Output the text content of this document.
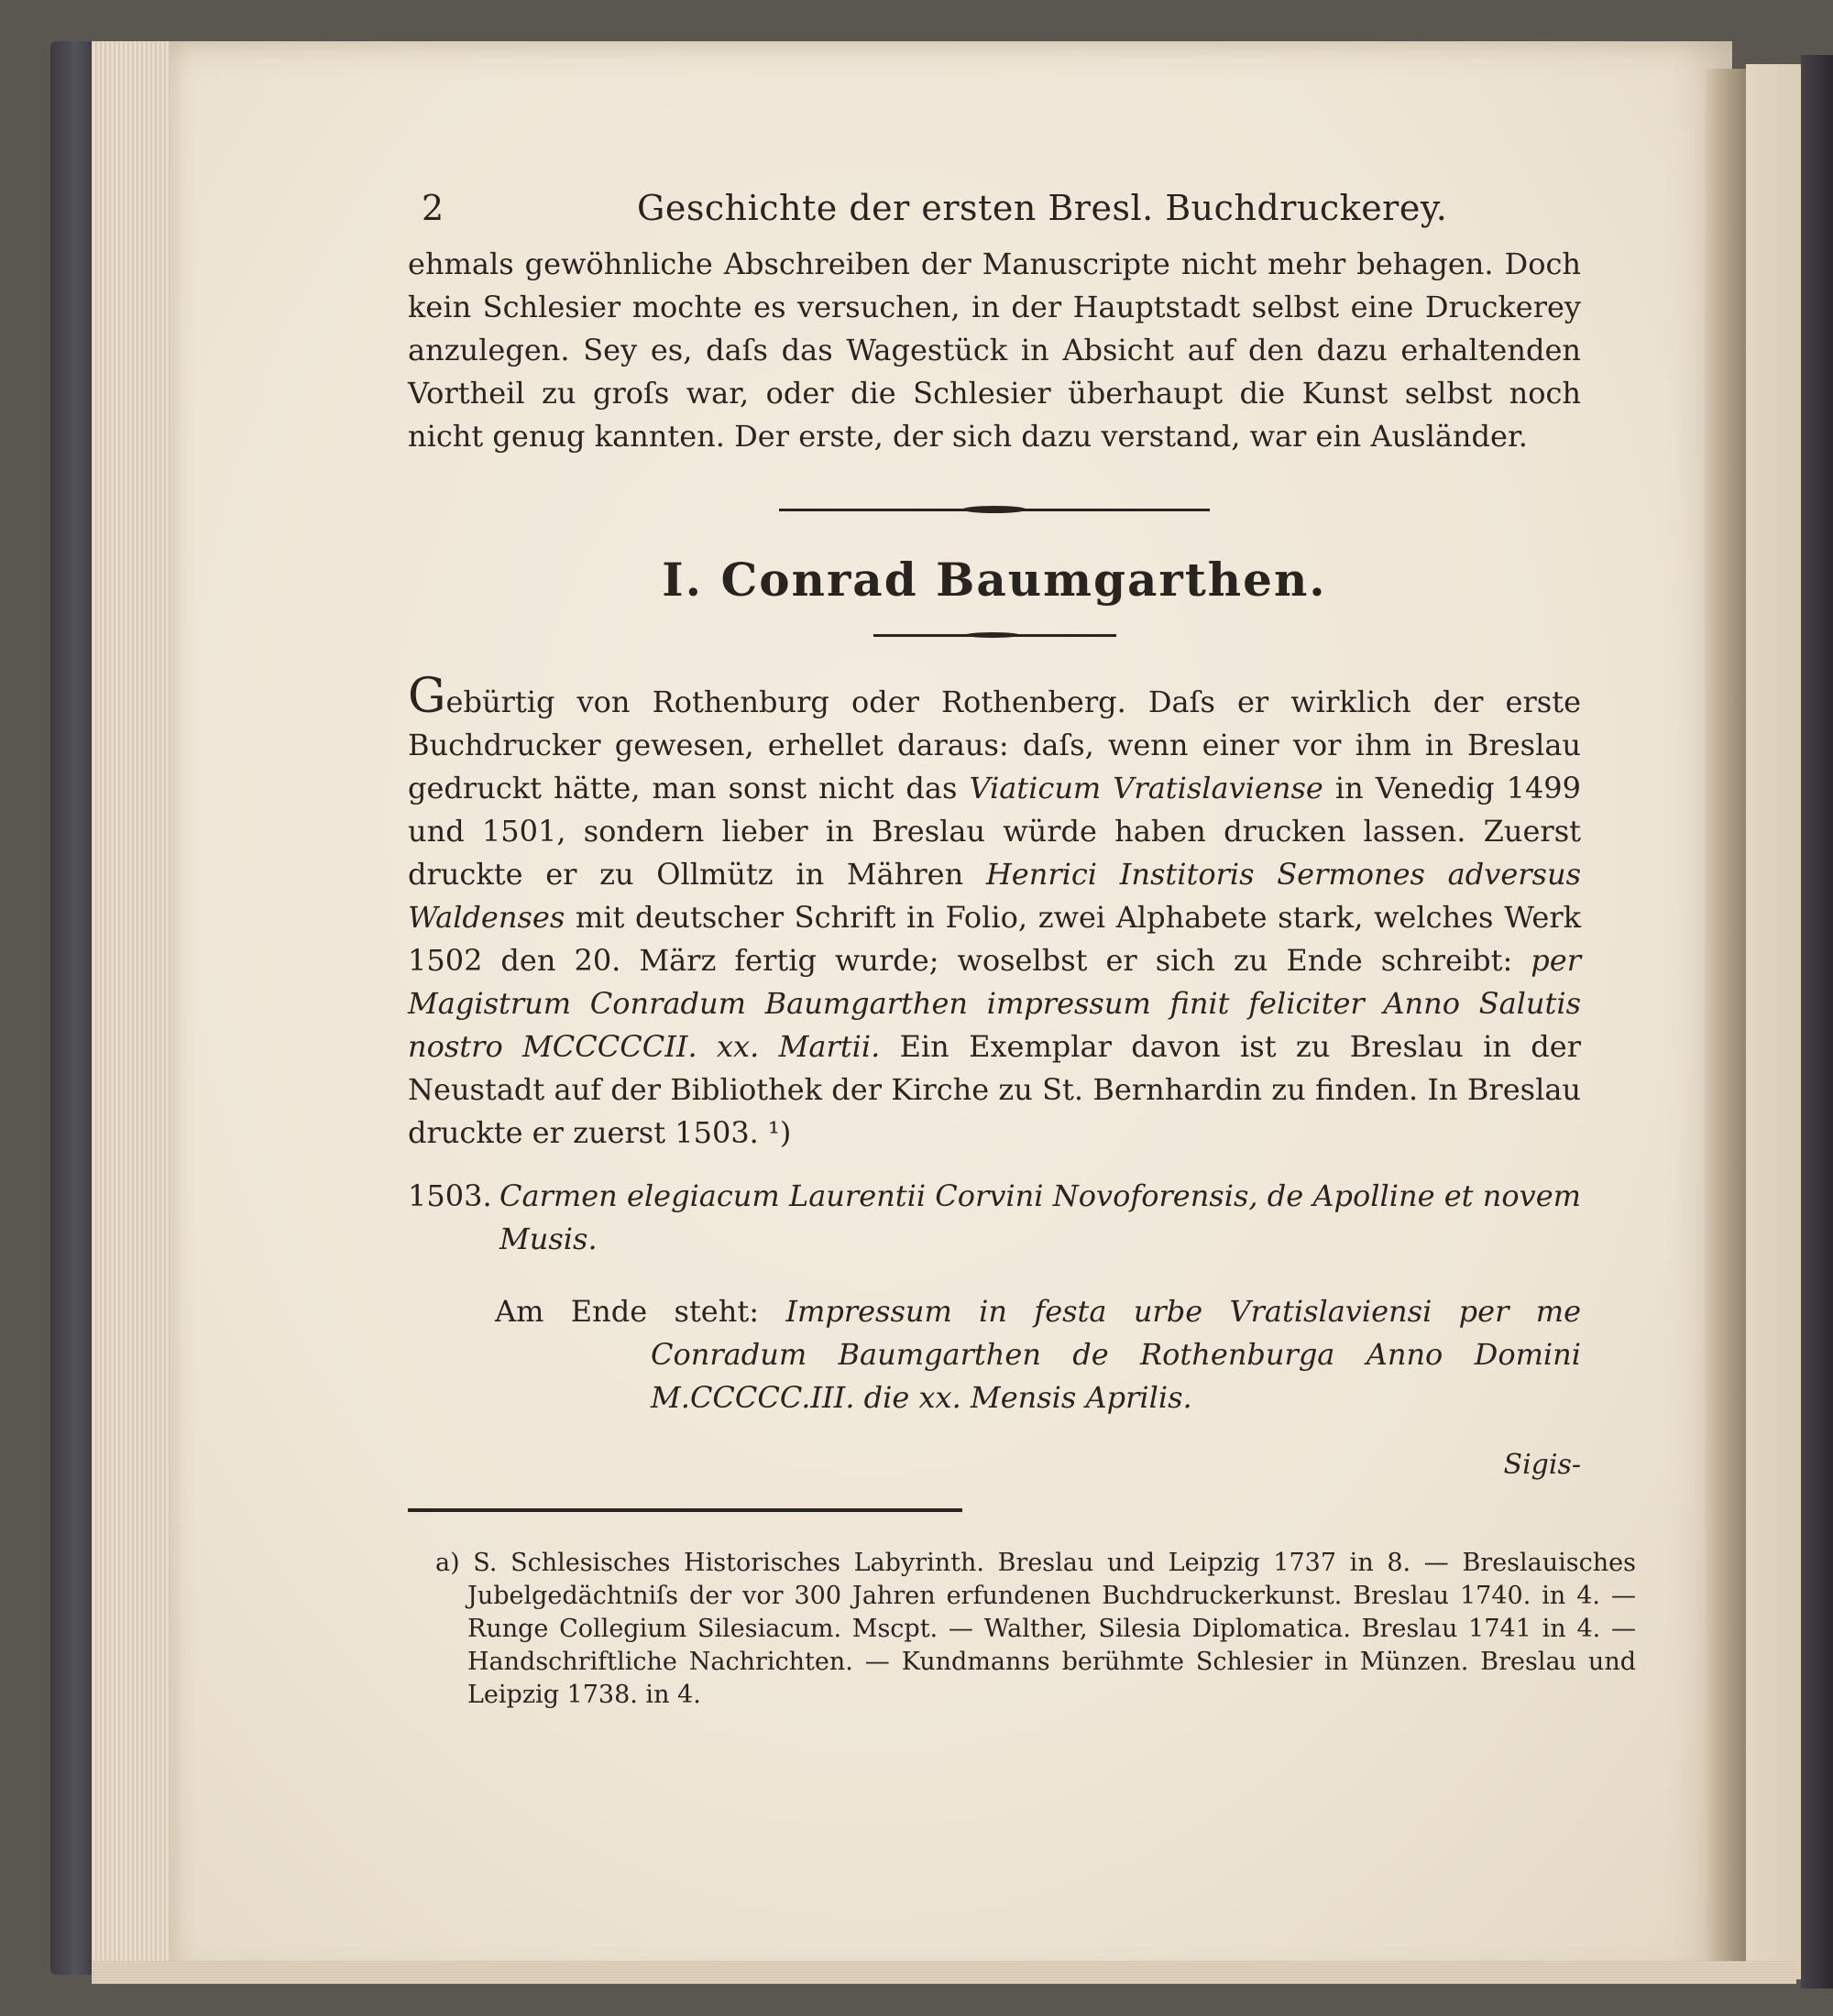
2	Geschichte der ersten Bresl. Buchdruckerey.

ehmals gewöhnliche Abschreiben der Manuscripte nicht mehr behagen. Doch kein Schlesier mochte es versuchen, in der Hauptstadt selbst eine Druckerey anzulegen. Sey es, daſs das Wagestück in Absicht auf den dazu erhaltenden Vortheil zu groſs war, oder die Schlesier überhaupt die Kunst selbst noch nicht genug kannten. Der erste, der sich dazu verstand, war ein Ausländer.

I. Conrad Baumgarthen.

Gebürtig von Rothenburg oder Rothenberg. Daſs er wirklich der erste Buchdrucker gewesen, erhellet daraus: daſs, wenn einer vor ihm in Breslau gedruckt hätte, man sonst nicht das Viaticum Vratislaviense in Venedig 1499 und 1501, sondern lieber in Breslau würde haben drucken lassen. Zuerst druckte er zu Ollmütz in Mähren Henrici Institoris Sermones adversus Waldenses mit deutscher Schrift in Folio, zwei Alphabete stark, welches Werk 1502 den 20. März fertig wurde; woselbst er sich zu Ende schreibt: per Magistrum Conradum Baumgarthen impressum finit feliciter Anno Salutis nostro MCCCCCII. xx. Martii. Ein Exemplar davon ist zu Breslau in der Neustadt auf der Bibliothek der Kirche zu St. Bernhardin zu finden. In Breslau druckte er zuerst 1503. ¹)

1503. Carmen elegiacum Laurentii Corvini Novoforensis, de Apolline et novem Musis.

Am Ende steht: Impressum in festa urbe Vratislaviensi per me Conradum Baumgarthen de Rothenburga Anno Domini M.CCCCC.III. die xx. Mensis Aprilis.

Sigis-

a) S. Schlesisches Historisches Labyrinth. Breslau und Leipzig 1737 in 8. — Breslauisches Jubelgedächtniſs der vor 300 Jahren erfundenen Buchdruckerkunst. Breslau 1740. in 4. — Runge Collegium Silesiacum. Mscpt. — Walther, Silesia Diplomatica. Breslau 1741 in 4. — Handschriftliche Nachrichten. — Kundmanns berühmte Schlesier in Münzen. Breslau und Leipzig 1738. in 4.
